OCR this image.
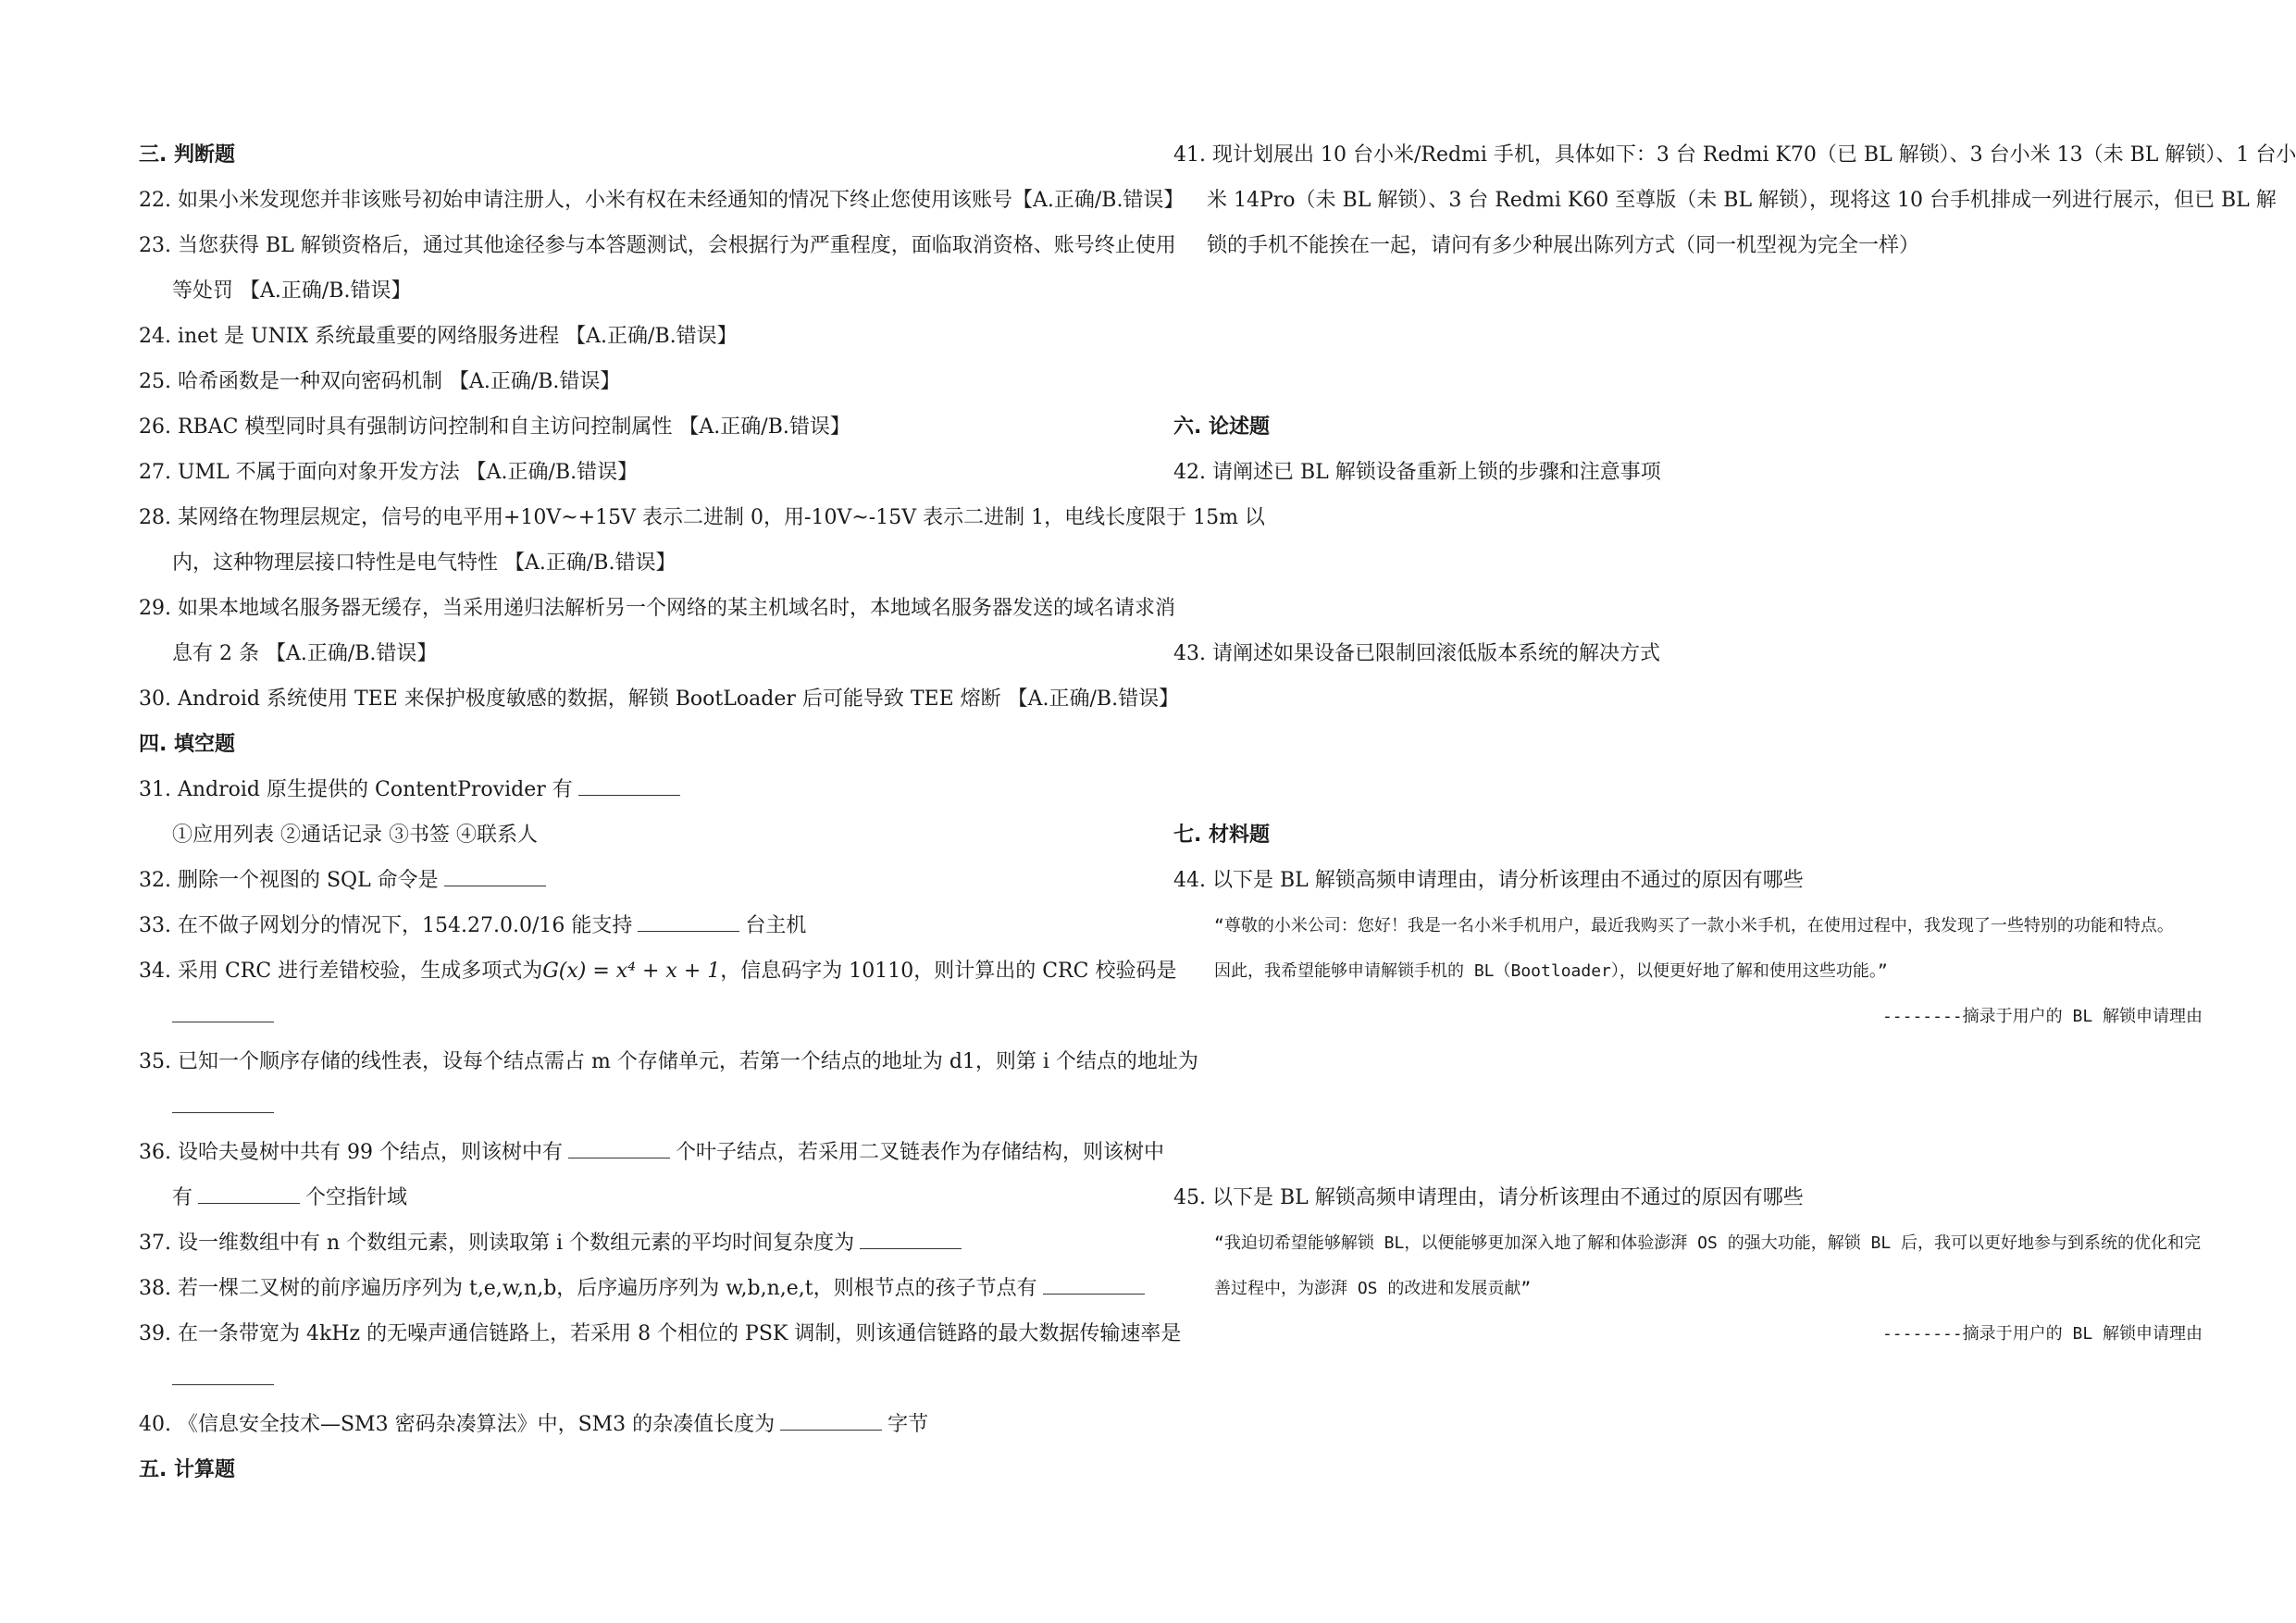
三. 判断题
22. 如果小米发现您并非该账号初始申请注册人，小米有权在未经通知的情况下终止您使用该账号【A.正确/B.错误】
23. 当您获得 BL 解锁资格后，通过其他途径参与本答题测试，会根据行为严重程度，面临取消资格、账号终止使用
等处罚 【A.正确/B.错误】
24. inet 是 UNIX 系统最重要的网络服务进程 【A.正确/B.错误】
25. 哈希函数是一种双向密码机制 【A.正确/B.错误】
26. RBAC 模型同时具有强制访问控制和自主访问控制属性 【A.正确/B.错误】
27. UML 不属于面向对象开发方法 【A.正确/B.错误】
28. 某网络在物理层规定，信号的电平用+10V~+15V 表示二进制 0，用-10V~-15V 表示二进制 1，电线长度限于 15m 以
内，这种物理层接口特性是电气特性 【A.正确/B.错误】
29. 如果本地域名服务器无缓存，当采用递归法解析另一个网络的某主机域名时，本地域名服务器发送的域名请求消
息有 2 条 【A.正确/B.错误】
30. Android 系统使用 TEE 来保护极度敏感的数据，解锁 BootLoader 后可能导致 TEE 熔断 【A.正确/B.错误】
四. 填空题
31. Android 原生提供的 ContentProvider 有
①应用列表 ②通话记录 ③书签 ④联系人
32. 删除一个视图的 SQL 命令是
33. 在不做子网划分的情况下，154.27.0.0/16 能支持	台主机
34. 采用 CRC 进行差错校验，生成多项式为G(x) = x⁴ + x + 1，信息码字为 10110，则计算出的 CRC 校验码是
35. 已知一个顺序存储的线性表，设每个结点需占 m 个存储单元，若第一个结点的地址为 d1，则第 i 个结点的地址为
36. 设哈夫曼树中共有 99 个结点，则该树中有	个叶子结点，若采用二叉链表作为存储结构，则该树中
有	个空指针域
37. 设一维数组中有 n 个数组元素，则读取第 i 个数组元素的平均时间复杂度为
38. 若一棵二叉树的前序遍历序列为 t,e,w,n,b，后序遍历序列为 w,b,n,e,t，则根节点的孩子节点有
39. 在一条带宽为 4kHz 的无噪声通信链路上，若采用 8 个相位的 PSK 调制，则该通信链路的最大数据传输速率是
40. 《信息安全技术—SM3 密码杂凑算法》中，SM3 的杂凑值长度为	字节
五. 计算题
41. 现计划展出 10 台小米/Redmi 手机，具体如下：3 台 Redmi K70（已 BL 解锁）、3 台小米 13（未 BL 解锁）、1 台小
米 14Pro（未 BL 解锁）、3 台 Redmi K60 至尊版（未 BL 解锁），现将这 10 台手机排成一列进行展示，但已 BL 解
锁的手机不能挨在一起，请问有多少种展出陈列方式（同一机型视为完全一样）
六. 论述题
42. 请阐述已 BL 解锁设备重新上锁的步骤和注意事项
43. 请阐述如果设备已限制回滚低版本系统的解决方式
七. 材料题
44. 以下是 BL 解锁高频申请理由，请分析该理由不通过的原因有哪些
“尊敬的小米公司：您好！我是一名小米手机用户，最近我购买了一款小米手机，在使用过程中，我发现了一些特别的功能和特点。
因此，我希望能够申请解锁手机的 BL（Bootloader），以便更好地了解和使用这些功能。”
--------摘录于用户的 BL 解锁申请理由
45. 以下是 BL 解锁高频申请理由，请分析该理由不通过的原因有哪些
“我迫切希望能够解锁 BL，以便能够更加深入地了解和体验澎湃 OS 的强大功能，解锁 BL 后，我可以更好地参与到系统的优化和完
善过程中，为澎湃 OS 的改进和发展贡献”
--------摘录于用户的 BL 解锁申请理由
